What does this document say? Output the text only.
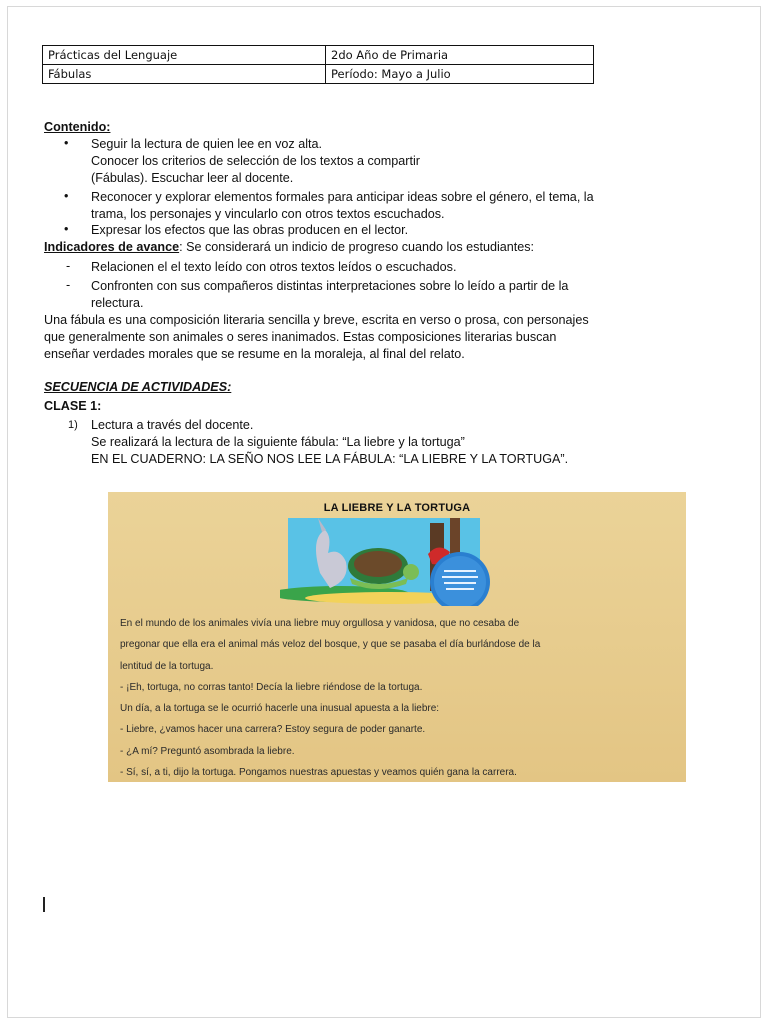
Prácticas del Lenguaje	2do Año de Primaria
Fábulas	Período: Mayo a Julio
Contenido:
• Seguir la lectura de quien lee en voz alta.
Conocer los criterios de selección de los textos a compartir
(Fábulas). Escuchar leer al docente.
• Reconocer y explorar elementos formales para anticipar ideas sobre el género, el tema, la
trama, los personajes y vincularlo con otros textos escuchados.
• Expresar los efectos que las obras producen en el lector.
Indicadores de avance: Se considerará un indicio de progreso cuando los estudiantes:
- Relacionen el el texto leído con otros textos leídos o escuchados.
- Confronten con sus compañeros distintas interpretaciones sobre lo leído a partir de la
relectura.
Una fábula es una composición literaria sencilla y breve, escrita en verso o prosa, con personajes
que generalmente son animales o seres inanimados. Estas composiciones literarias buscan
enseñar verdades morales que se resume en la moraleja, al final del relato.
SECUENCIA DE ACTIVIDADES:
CLASE 1:
1) Lectura a través del docente.
Se realizará la lectura de la siguiente fábula: “La liebre y la tortuga”
EN EL CUADERNO: LA SEÑO NOS LEE LA FÁBULA: “LA LIEBRE Y LA TORTUGA”.
LA LIEBRE Y LA TORTUGA
En el mundo de los animales vivía una liebre muy orgullosa y vanidosa, que no cesaba de
pregonar que ella era el animal más veloz del bosque, y que se pasaba el día burlándose de la
lentitud de la tortuga.
- ¡Eh, tortuga, no corras tanto! Decía la liebre riéndose de la tortuga.
Un día, a la tortuga se le ocurrió hacerle una inusual apuesta a la liebre:
- Liebre, ¿vamos hacer una carrera? Estoy segura de poder ganarte.
- ¿A mí? Preguntó asombrada la liebre.
- Sí, sí, a ti, dijo la tortuga. Pongamos nuestras apuestas y veamos quién gana la carrera.
